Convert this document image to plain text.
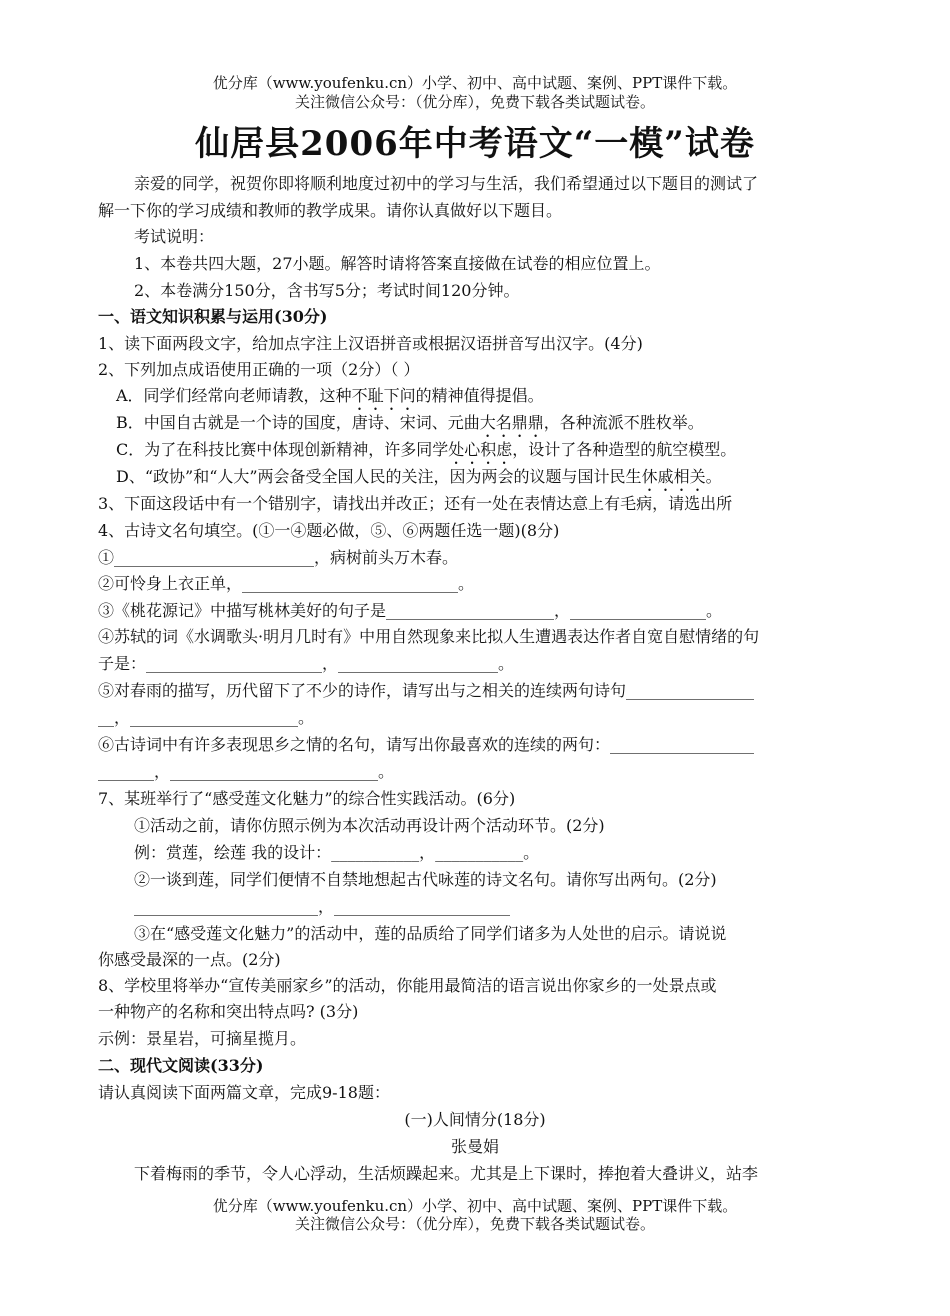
优分库（www.youfenku.cn）小学、初中、高中试题、案例、PPT课件下载。
关注微信公众号：（优分库），免费下载各类试题试卷。
仙居县2006年中考语文“一模”试卷
亲爱的同学，祝贺你即将顺利地度过初中的学习与生活，我们希望通过以下题目的测试了
解一下你的学习成绩和教师的教学成果。请你认真做好以下题目。
考试说明：
1、本卷共四大题，27小题。解答时请将答案直接做在试卷的相应位置上。
2、本卷满分150分，含书写5分；考试时间120分钟。
一、语文知识积累与运用(30分)
1、读下面两段文字，给加点字注上汉语拼音或根据汉语拼音写出汉字。(4分)
2、下列加点成语使用正确的一项（2分）（ ）
A．同学们经常向老师请教，这种不耻下问的精神值得提倡。
B．中国自古就是一个诗的国度，唐诗、宋词、元曲大名鼎鼎，各种流派不胜枚举。
C．为了在科技比赛中体现创新精神，许多同学处心积虑，设计了各种造型的航空模型。
D、“政协”和“人大”两会备受全国人民的关注，因为两会的议题与国计民生休戚相关。
3、下面这段话中有一个错别字，请找出并改正；还有一处在表情达意上有毛病，请选出所
4、古诗文名句填空。(①一④题必做，⑤、⑥两题任选一题)(8分)
①_________________________，病树前头万木春。
②可怜身上衣正单，___________________________。
③《桃花源记》中描写桃林美好的句子是_____________________，_________________。
④苏轼的词《水调歌头·明月几时有》中用自然现象来比拟人生遭遇表达作者自宽自慰情绪的句
子是：______________________，____________________。
⑤对春雨的描写，历代留下了不少的诗作，请写出与之相关的连续两句诗句________________
__，_____________________。
⑥古诗词中有许多表现思乡之情的名句，请写出你最喜欢的连续的两句：__________________
_______，__________________________。
7、某班举行了“感受莲文化魅力”的综合性实践活动。(6分)
①活动之前，请你仿照示例为本次活动再设计两个活动环节。(2分)
例：赏莲，绘莲 我的设计：___________，___________。
②一谈到莲，同学们便情不自禁地想起古代咏莲的诗文名句。请你写出两句。(2分)
_______________________，______________________
③在“感受莲文化魅力”的活动中，莲的品质给了同学们诸多为人处世的启示。请说说
你感受最深的一点。(2分)
8、学校里将举办“宣传美丽家乡”的活动，你能用最简洁的语言说出你家乡的一处景点或
一种物产的名称和突出特点吗? (3分)
示例：景星岩，可摘星揽月。
二、现代文阅读(33分)
请认真阅读下面两篇文章，完成9-18题：
(一)人间情分(18分)
张曼娟
下着梅雨的季节，令人心浮动，生活烦躁起来。尤其是上下课时，捧抱着大叠讲义，站李
优分库（www.youfenku.cn）小学、初中、高中试题、案例、PPT课件下载。
关注微信公众号：（优分库），免费下载各类试题试卷。
